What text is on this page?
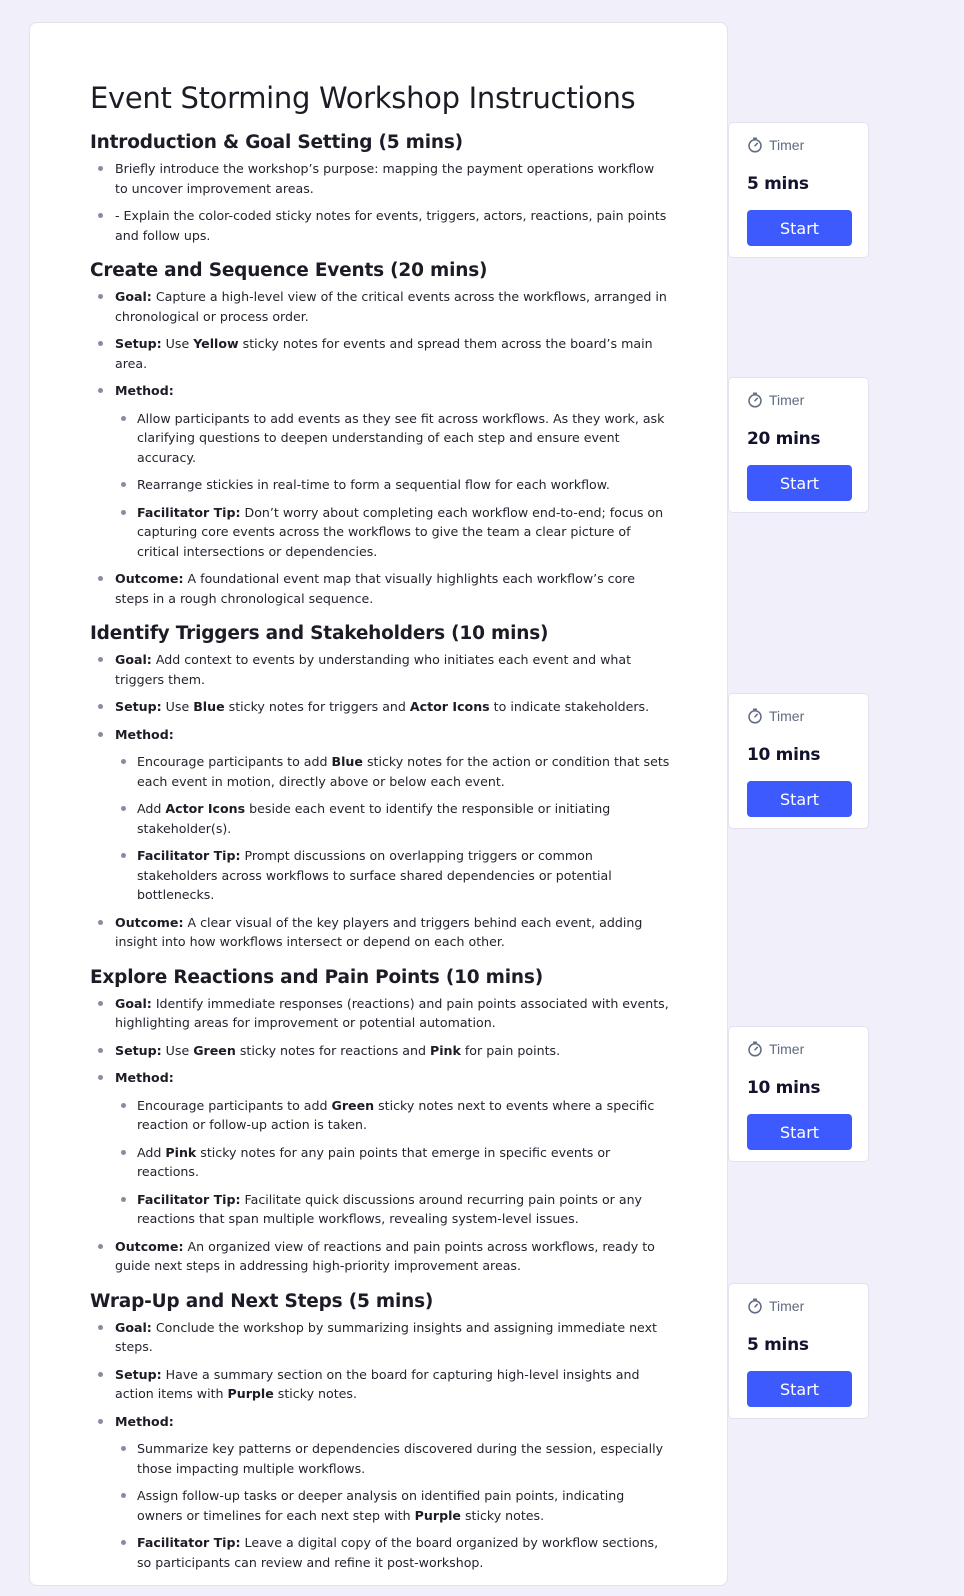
Event Storming Workshop Instructions
Introduction & Goal Setting (5 mins)
Briefly introduce the workshop’s purpose: mapping the payment operations workflow to uncover improvement areas.
- Explain the color-coded sticky notes for events, triggers, actors, reactions, pain points and follow ups.
Create and Sequence Events (20 mins)
Goal: Capture a high-level view of the critical events across the workflows, arranged in chronological or process order.
Setup: Use Yellow sticky notes for events and spread them across the board’s main area.
Method:
Allow participants to add events as they see fit across workflows. As they work, ask clarifying questions to deepen understanding of each step and ensure event accuracy.
Rearrange stickies in real-time to form a sequential flow for each workflow.
Facilitator Tip: Don’t worry about completing each workflow end-to-end; focus on capturing core events across the workflows to give the team a clear picture of critical intersections or dependencies.
Outcome: A foundational event map that visually highlights each workflow’s core steps in a rough chronological sequence.
Identify Triggers and Stakeholders (10 mins)
Goal: Add context to events by understanding who initiates each event and what triggers them.
Setup: Use Blue sticky notes for triggers and Actor Icons to indicate stakeholders.
Method:
Encourage participants to add Blue sticky notes for the action or condition that sets each event in motion, directly above or below each event.
Add Actor Icons beside each event to identify the responsible or initiating stakeholder(s).
Facilitator Tip: Prompt discussions on overlapping triggers or common stakeholders across workflows to surface shared dependencies or potential bottlenecks.
Outcome: A clear visual of the key players and triggers behind each event, adding insight into how workflows intersect or depend on each other.
Explore Reactions and Pain Points (10 mins)
Goal: Identify immediate responses (reactions) and pain points associated with events, highlighting areas for improvement or potential automation.
Setup: Use Green sticky notes for reactions and Pink for pain points.
Method:
Encourage participants to add Green sticky notes next to events where a specific reaction or follow-up action is taken.
Add Pink sticky notes for any pain points that emerge in specific events or reactions.
Facilitator Tip: Facilitate quick discussions around recurring pain points or any reactions that span multiple workflows, revealing system-level issues.
Outcome: An organized view of reactions and pain points across workflows, ready to guide next steps in addressing high-priority improvement areas.
Wrap-Up and Next Steps (5 mins)
Goal: Conclude the workshop by summarizing insights and assigning immediate next steps.
Setup: Have a summary section on the board for capturing high-level insights and action items with Purple sticky notes.
Method:
Summarize key patterns or dependencies discovered during the session, especially those impacting multiple workflows.
Assign follow-up tasks or deeper analysis on identified pain points, indicating owners or timelines for each next step with Purple sticky notes.
Facilitator Tip: Leave a digital copy of the board organized by workflow sections, so participants can review and refine it post-workshop.
Timer
5 mins
Start
Timer
20 mins
Start
Timer
10 mins
Start
Timer
10 mins
Start
Timer
5 mins
Start
